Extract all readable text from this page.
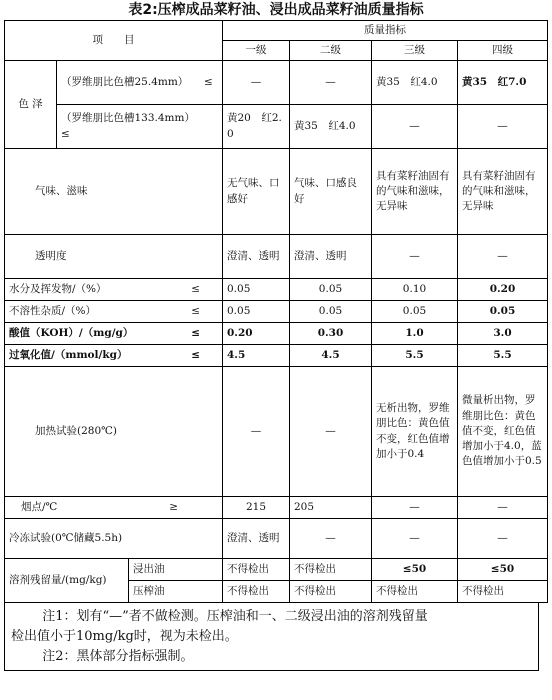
表2:压榨成品菜籽油、浸出成品菜籽油质量指标
项　　目			质量指标			
			一级	二级	三级	四级
色 泽	（罗维朋比色槽25.4mm）　　≤		—	—	黄35　红4.0	黄35　红7.0
	（罗维朋比色槽133.4mm）　　≤		黄20　红2.0	黄35　红4.0	—	—
气味、滋味			无气味、口感好	气味、口感良好	具有菜籽油固有的气味和滋味，无异味	具有菜籽油固有的气味和滋味，无异味
透明度			澄清、透明	澄清、透明	—	—
水分及挥发物/（%） ≤			0.05	0.05	0.10	0.20
不溶性杂质/（%） ≤			0.05	0.05	0.05	0.05
酸值（KOH）/（mg/g） ≤			0.20	0.30	1.0	3.0
过氧化值/（mmol/kg） ≤			4.5	4.5	5.5	5.5
加热试验(280℃)			—	—	无析出物，罗维朋比色：黄色值不变，红色值增加小于0.4	微量析出物，罗维朋比色：黄色值不变，红色值增加小于4.0，蓝色值增加小于0.5
烟点/℃ ≥			215	205	—	—
冷冻试验(0℃储藏5.5h)			澄清、透明	—	—	—
溶剂残留量/(mg/kg)		浸出油	不得检出	不得检出	≤50	≤50
		压榨油	不得检出	不得检出	不得检出	不得检出
注1：划有“—”者不做检测。压榨油和一、二级浸出油的溶剂残留量
检出值小于10mg/kg时，视为未检出。
注2：黑体部分指标强制。
